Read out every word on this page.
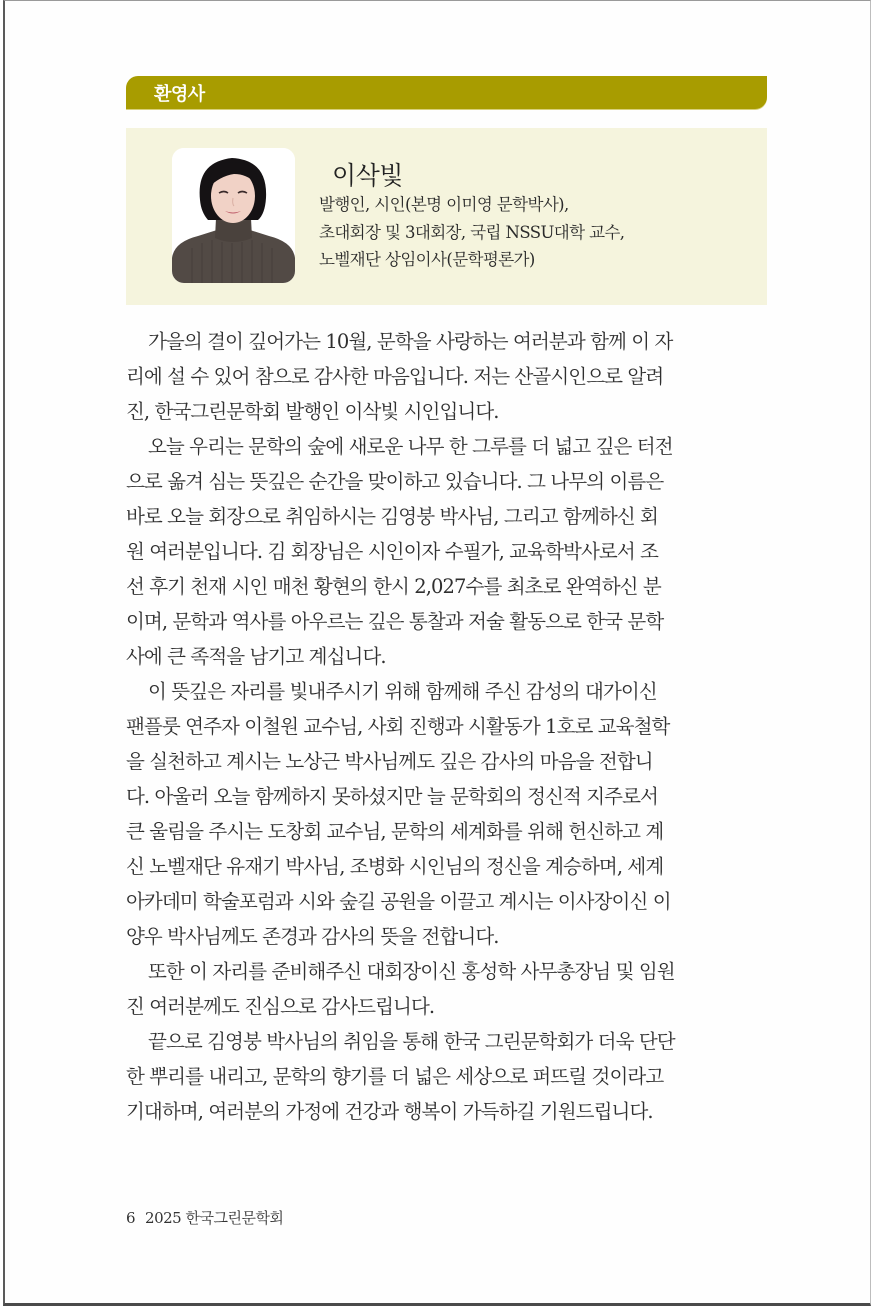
환영사
이삭빛
발행인, 시인(본명 이미영 문학박사),
초대회장 및 3대회장, 국립 NSSU대학 교수,
노벨재단 상임이사(문학평론가)
가을의 결이 깊어가는 10월, 문학을 사랑하는 여러분과 함께 이 자
리에 설 수 있어 참으로 감사한 마음입니다. 저는 산골시인으로 알려
진, 한국그린문학회 발행인 이삭빛 시인입니다.
오늘 우리는 문학의 숲에 새로운 나무 한 그루를 더 넓고 깊은 터전
으로 옮겨 심는 뜻깊은 순간을 맞이하고 있습니다. 그 나무의 이름은
바로 오늘 회장으로 취임하시는 김영붕 박사님, 그리고 함께하신 회
원 여러분입니다. 김 회장님은 시인이자 수필가, 교육학박사로서 조
선 후기 천재 시인 매천 황현의 한시 2,027수를 최초로 완역하신 분
이며, 문학과 역사를 아우르는 깊은 통찰과 저술 활동으로 한국 문학
사에 큰 족적을 남기고 계십니다.
이 뜻깊은 자리를 빛내주시기 위해 함께해 주신 감성의 대가이신
팬플룻 연주자 이철원 교수님, 사회 진행과 시활동가 1호로 교육철학
을 실천하고 계시는 노상근 박사님께도 깊은 감사의 마음을 전합니
다. 아울러 오늘 함께하지 못하셨지만 늘 문학회의 정신적 지주로서
큰 울림을 주시는 도창회 교수님, 문학의 세계화를 위해 헌신하고 계
신 노벨재단 유재기 박사님, 조병화 시인님의 정신을 계승하며, 세계
아카데미 학술포럼과 시와 숲길 공원을 이끌고 계시는 이사장이신 이
양우 박사님께도 존경과 감사의 뜻을 전합니다.
또한 이 자리를 준비해주신 대회장이신 홍성학 사무총장님 및 임원
진 여러분께도 진심으로 감사드립니다.
끝으로 김영붕 박사님의 취임을 통해 한국 그린문학회가 더욱 단단
한 뿌리를 내리고, 문학의 향기를 더 넓은 세상으로 퍼뜨릴 것이라고
기대하며, 여러분의 가정에 건강과 행복이 가득하길 기원드립니다.
6 2025 한국그린문학회
